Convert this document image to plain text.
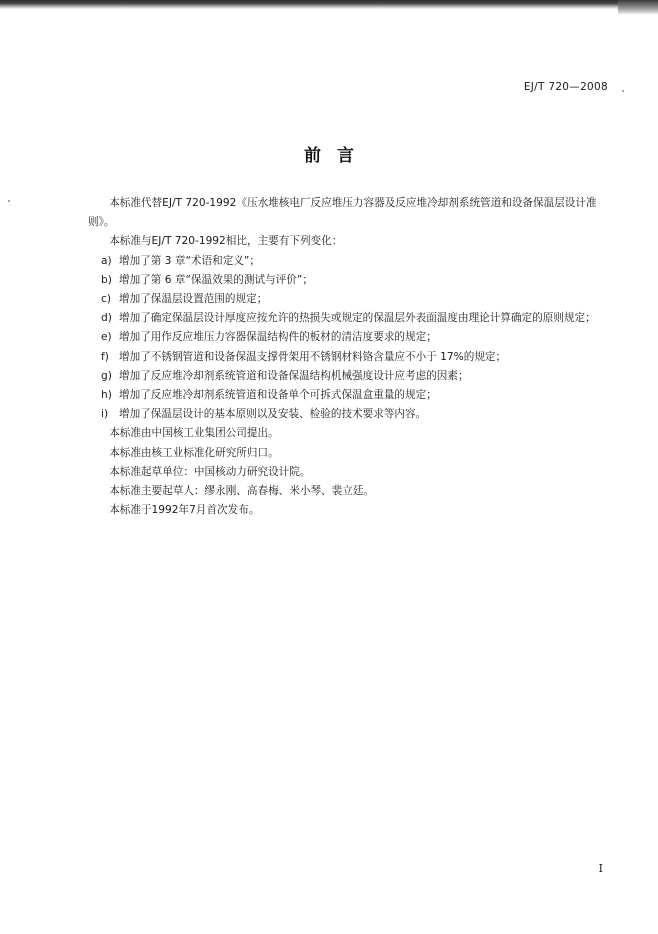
EJ/T 720—2008
前言

本标准代替EJ/T 720-1992《压水堆核电厂反应堆压力容器及反应堆冷却剂系统管道和设备保温层设计准则》。

本标准与EJ/T 720-1992相比，主要有下列变化：

a) 增加了第 3 章“术语和定义”；

b) 增加了第 6 章“保温效果的测试与评价”；

c) 增加了保温层设置范围的规定；

d) 增加了确定保温层设计厚度应按允许的热损失或规定的保温层外表面温度由理论计算确定的原则规定；

e) 增加了用作反应堆压力容器保温结构件的板材的清洁度要求的规定；

f) 增加了不锈钢管道和设备保温支撑骨架用不锈钢材料铬含量应不小于 17%的规定；

g) 增加了反应堆冷却剂系统管道和设备保温结构机械强度设计应考虑的因素；

h) 增加了反应堆冷却剂系统管道和设备单个可拆式保温盒重量的规定；

i)	增加了保温层设计的基本原则以及安装、检验的技术要求等内容。

本标准由中国核工业集团公司提出。

本标准由核工业标准化研究所归口。

本标准起草单位：中国核动力研究设计院。

本标准主要起草人：缪永刚、高春梅、米小琴、裴立廷。

本标准于1992年7月首次发布。

I
